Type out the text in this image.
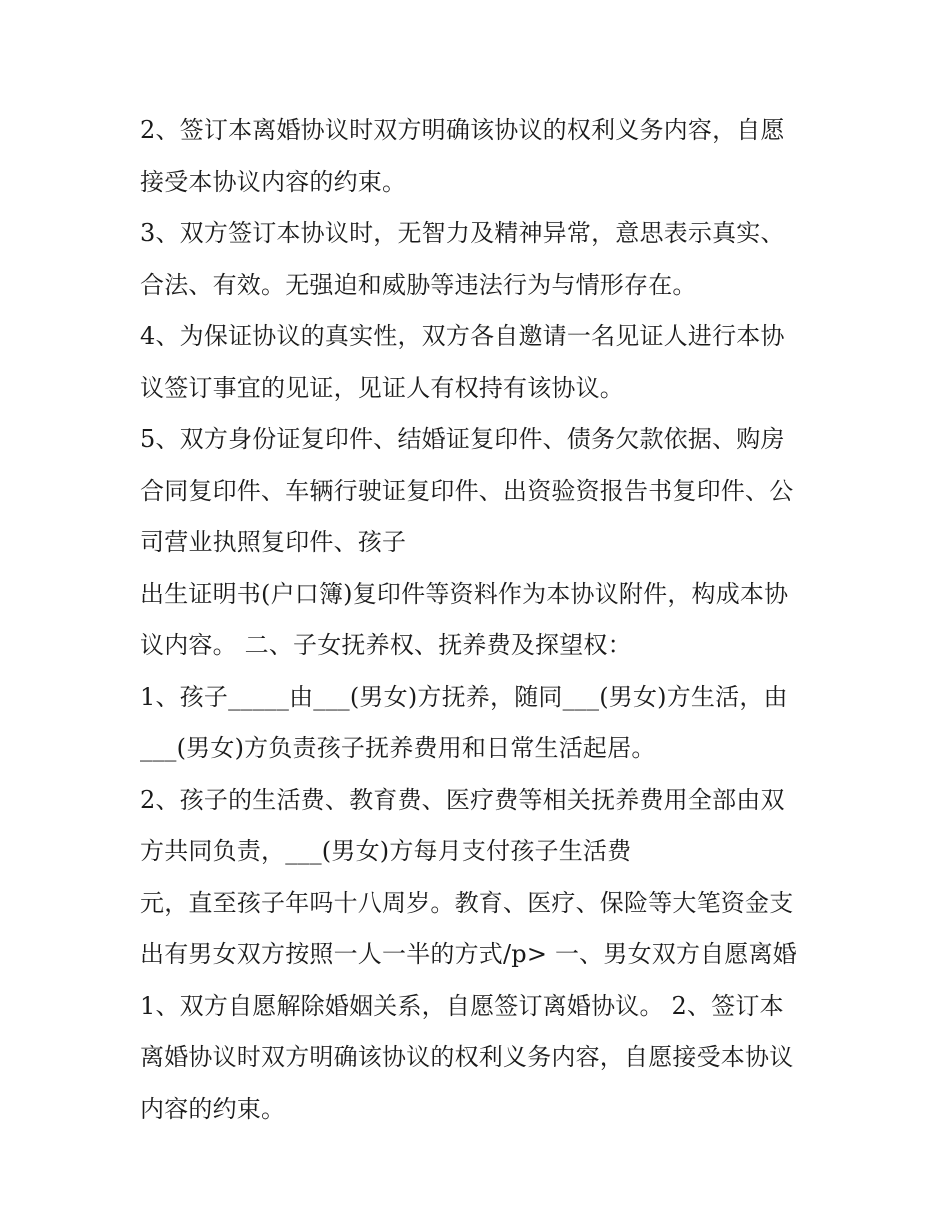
2、签订本离婚协议时双方明确该协议的权利义务内容，自愿
接受本协议内容的约束。
3、双方签订本协议时，无智力及精神异常，意思表示真实、
合法、有效。无强迫和威胁等违法行为与情形存在。
4、为保证协议的真实性，双方各自邀请一名见证人进行本协
议签订事宜的见证，见证人有权持有该协议。
5、双方身份证复印件、结婚证复印件、债务欠款依据、购房
合同复印件、车辆行驶证复印件、出资验资报告书复印件、公
司营业执照复印件、孩子
出生证明书(户口簿)复印件等资料作为本协议附件，构成本协
议内容。 二、子女抚养权、抚养费及探望权：
1、孩子_____由___(男女)方抚养，随同___(男女)方生活，由
___(男女)方负责孩子抚养费用和日常生活起居。
2、孩子的生活费、教育费、医疗费等相关抚养费用全部由双
方共同负责，___(男女)方每月支付孩子生活费
元，直至孩子年吗十八周岁。教育、医疗、保险等大笔资金支
出有男女双方按照一人一半的方式/p> 一、男女双方自愿离婚
1、双方自愿解除婚姻关系，自愿签订离婚协议。 2、签订本
离婚协议时双方明确该协议的权利义务内容，自愿接受本协议
内容的约束。
